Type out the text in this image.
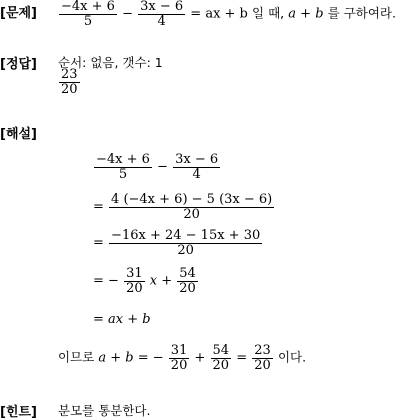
[문제] $\frac{-4x + 6}{5} - \frac{3x - 6}{4}$ = ax + b 일 때, a + b 를 구하여라.
[정답] 순서: 없음, 갯수: 1
$\frac{23}{20}$
[해설]
$\frac{-4x + 6}{5} - \frac{3x - 6}{4}$
= $\frac{4 (-4x + 6) - 5 (3x - 6)}{20}$
= $\frac{-16x + 24 - 15x + 30}{20}$
= − $\frac{31}{20}$ $x + \frac{54}{20}$
= ax + b
이므로 a + b = − $\frac{31}{20} + \frac{54}{20} = \frac{23}{20}$ 이다.
[힌트] 분모를 통분한다.
